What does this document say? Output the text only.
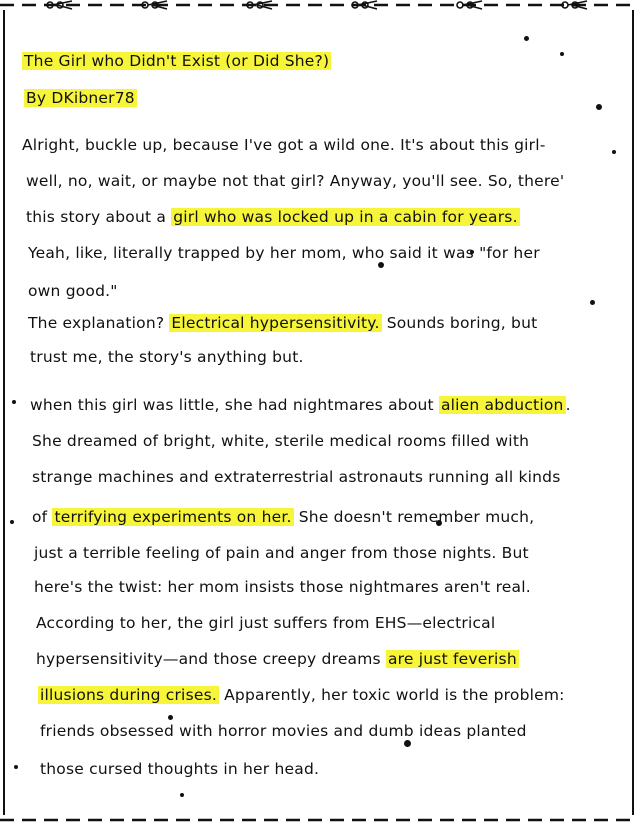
The Girl who Didn't Exist (or Did She?)
By DKibner78
Alright, buckle up, because I've got a wild one. It's about this girl-
well, no, wait, or maybe not that girl? Anyway, you'll see. So, there'
this story about a girl who was locked up in a cabin for years.
Yeah, like, literally trapped by her mom, who said it was "for her
own good."
The explanation? Electrical hypersensitivity. Sounds boring, but
trust me, the story's anything but.
when this girl was little, she had nightmares about alien abduction .
She dreamed of bright, white, sterile medical rooms filled with
strange machines and extraterrestrial astronauts running all kinds
of terrifying experiments on her. She doesn't remember much,
just a terrible feeling of pain and anger from those nights. But
here's the twist: her mom insists those nightmares aren't real.
According to her, the girl just suffers from EHS—electrical
hypersensitivity—and those creepy dreams are just feverish
illusions during crises. Apparently, her toxic world is the problem:
friends obsessed with horror movies and dumb ideas planted
those cursed thoughts in her head.
